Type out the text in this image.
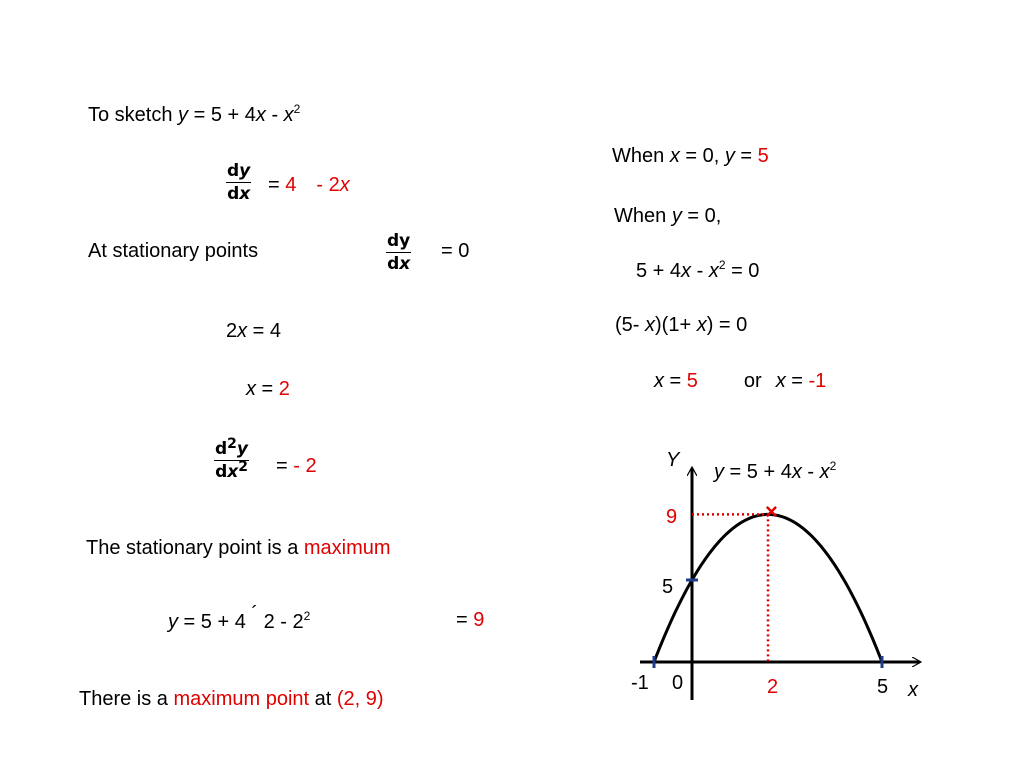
To sketch $y = 5 + 4x - x^2$
$\frac{dy}{dx} = 4 - 2x$
At stationary points	$\frac{dy}{dx} = 0$
2x = 4
x = 2
$\frac{d^2y}{dx^2}$ = - 2
The stationary point is a maximum
y = 5 + 4 ´ $2 - 2^2$	= 9
There is a maximum point at (2, 9)
When x = 0, y = 5
When y = 0,
$5 + 4x - x^2 = 0$
(5- x)(1+ x) = 0
x = 5 or x = -1
Y
$y = 5 + 4x - x^2$
9
5
-1 0	2	5 x
×
